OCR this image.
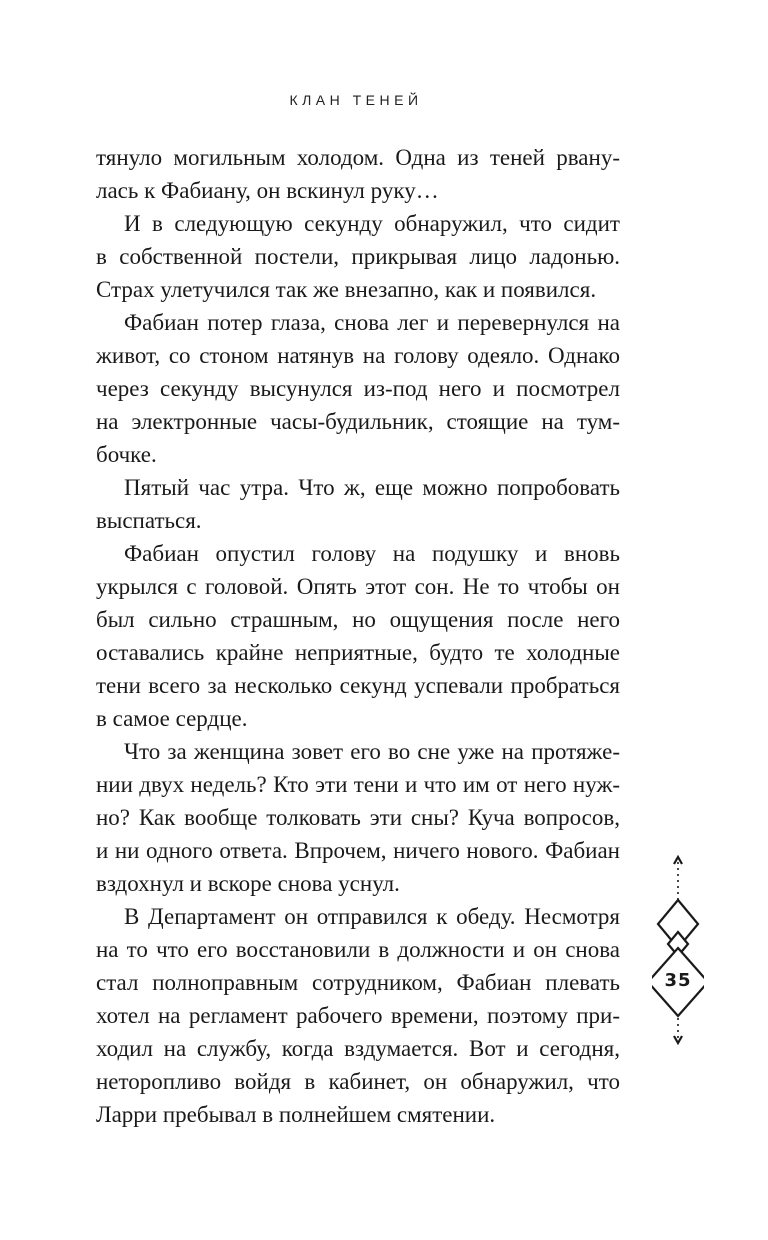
КЛАН ТЕНЕЙ
тянуло могильным холодом. Одна из теней рвану-
лась к Фабиану, он вскинул руку…
И в следующую секунду обнаружил, что сидит
в собственной постели, прикрывая лицо ладонью.
Страх улетучился так же внезапно, как и появился.
Фабиан потер глаза, снова лег и перевернулся на
живот, со стоном натянув на голову одеяло. Однако
через секунду высунулся из-под него и посмотрел
на электронные часы-будильник, стоящие на тум-
бочке.
Пятый час утра. Что ж, еще можно попробовать
выспаться.
Фабиан опустил голову на подушку и вновь
укрылся с головой. Опять этот сон. Не то чтобы он
был сильно страшным, но ощущения после него
оставались крайне неприятные, будто те холодные
тени всего за несколько секунд успевали пробраться
в самое сердце.
Что за женщина зовет его во сне уже на протяже-
нии двух недель? Кто эти тени и что им от него нуж-
но? Как вообще толковать эти сны? Куча вопросов,
и ни одного ответа. Впрочем, ничего нового. Фабиан
вздохнул и вскоре снова уснул.
В Департамент он отправился к обеду. Несмотря
на то что его восстановили в должности и он снова
стал полноправным сотрудником, Фабиан плевать
хотел на регламент рабочего времени, поэтому при-
ходил на службу, когда вздумается. Вот и сегодня,
неторопливо войдя в кабинет, он обнаружил, что
Ларри пребывал в полнейшем смятении.
35
